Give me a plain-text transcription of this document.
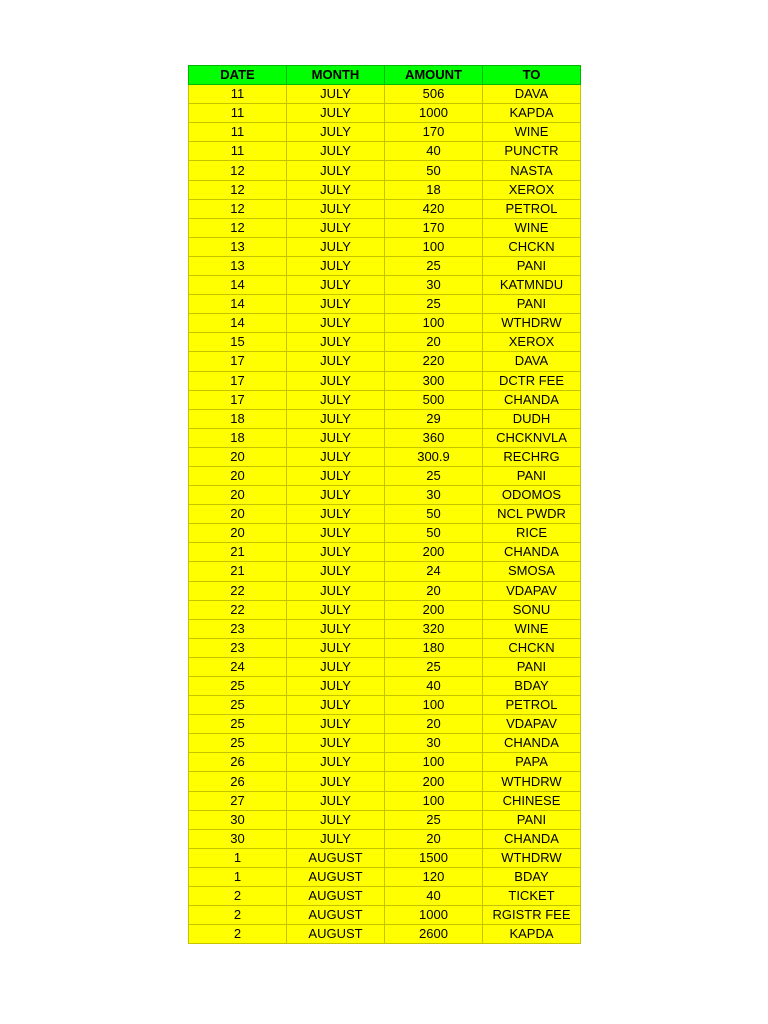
DATE	MONTH	AMOUNT	TO
11	JULY	506	DAVA
11	JULY	1000	KAPDA
11	JULY	170	WINE
11	JULY	40	PUNCTR
12	JULY	50	NASTA
12	JULY	18	XEROX
12	JULY	420	PETROL
12	JULY	170	WINE
13	JULY	100	CHCKN
13	JULY	25	PANI
14	JULY	30	KATMNDU
14	JULY	25	PANI
14	JULY	100	WTHDRW
15	JULY	20	XEROX
17	JULY	220	DAVA
17	JULY	300	DCTR FEE
17	JULY	500	CHANDA
18	JULY	29	DUDH
18	JULY	360	CHCKNVLA
20	JULY	300.9	RECHRG
20	JULY	25	PANI
20	JULY	30	ODOMOS
20	JULY	50	NCL PWDR
20	JULY	50	RICE
21	JULY	200	CHANDA
21	JULY	24	SMOSA
22	JULY	20	VDAPAV
22	JULY	200	SONU
23	JULY	320	WINE
23	JULY	180	CHCKN
24	JULY	25	PANI
25	JULY	40	BDAY
25	JULY	100	PETROL
25	JULY	20	VDAPAV
25	JULY	30	CHANDA
26	JULY	100	PAPA
26	JULY	200	WTHDRW
27	JULY	100	CHINESE
30	JULY	25	PANI
30	JULY	20	CHANDA
1	AUGUST	1500	WTHDRW
1	AUGUST	120	BDAY
2	AUGUST	40	TICKET
2	AUGUST	1000	RGISTR FEE
2	AUGUST	2600	KAPDA
